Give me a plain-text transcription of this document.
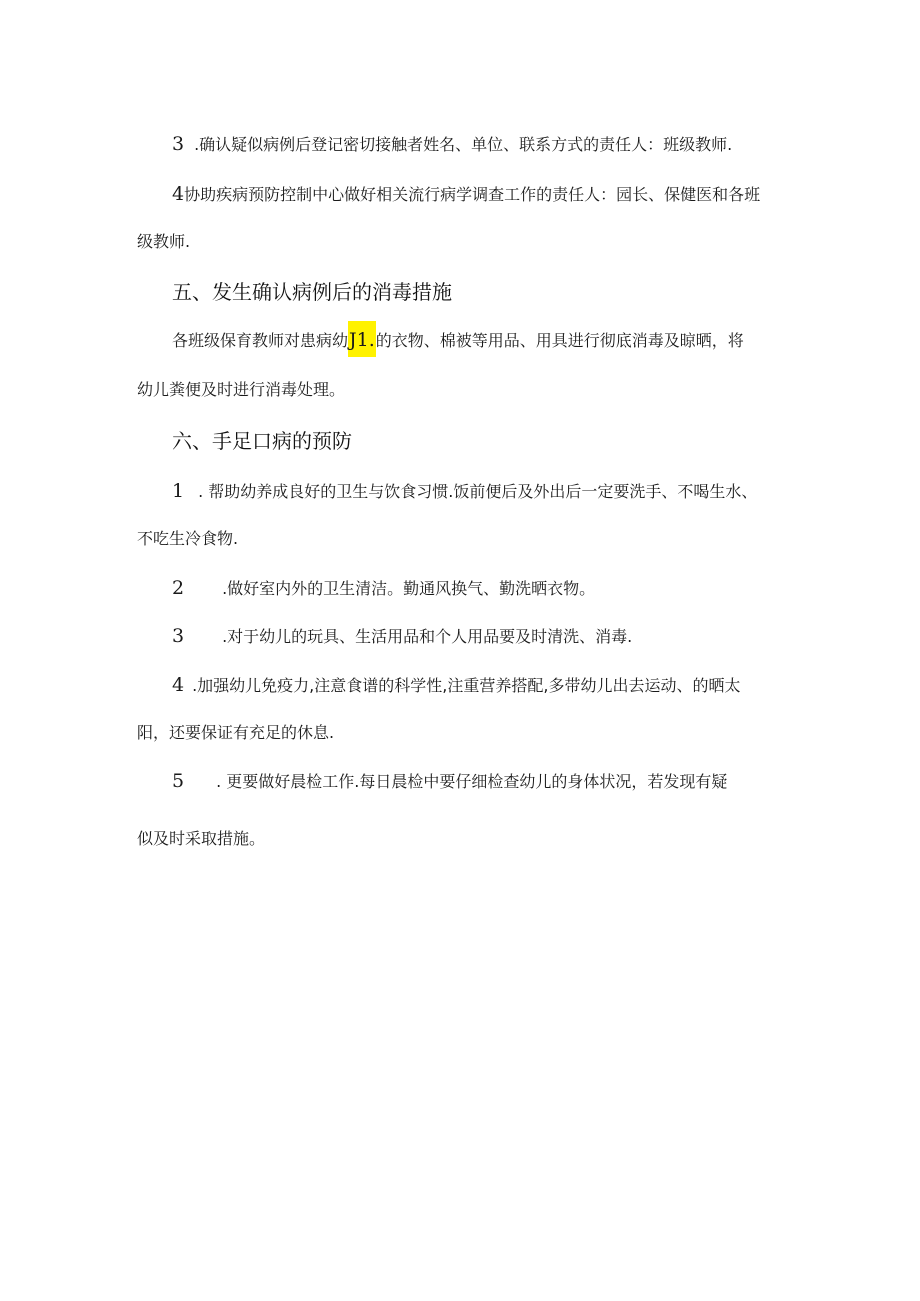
3 .确认疑似病例后登记密切接触者姓名、单位、联系方式的责任人：班级教师.
4协助疾病预防控制中心做好相关流行病学调查工作的责任人：园长、保健医和各班
级教师.
五、发生确认病例后的消毒措施
各班级保育教师对患病幼J1.的衣物、棉被等用品、用具进行彻底消毒及晾晒，将
幼儿粪便及时进行消毒处理。
六、手足口病的预防
1 . 帮助幼养成良好的卫生与饮食习惯.饭前便后及外出后一定要洗手、不喝生水、
不吃生冷食物.
2 .做好室内外的卫生清洁。勤通风换气、勤洗晒衣物。
3 .对于幼儿的玩具、生活用品和个人用品要及时清洗、消毒.
4 .加强幼儿免疫力,注意食谱的科学性,注重营养搭配,多带幼儿出去运动、的晒太
阳，还要保证有充足的休息.
5 . 更要做好晨检工作.每日晨检中要仔细检查幼儿的身体状况，若发现有疑
似及时采取措施。
